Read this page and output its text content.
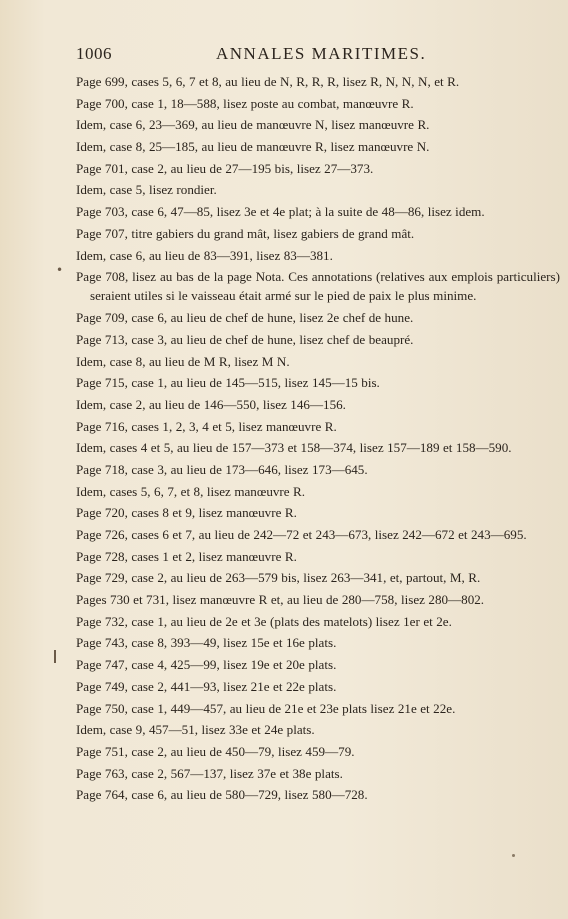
1006	ANNALES MARITIMES.
•

Page 699, cases 5, 6, 7 et 8, au lieu de N, R, R, R, lisez R, N, N, N, et R.

Page 700, case 1, 18—588, lisez poste au combat, manœuvre R.

Idem, case 6, 23—369, au lieu de manœuvre N, lisez manœuvre R.

Idem, case 8, 25—185, au lieu de manœuvre R, lisez manœuvre N.

Page 701, case 2, au lieu de 27—195 bis, lisez 27—373.

Idem, case 5, lisez rondier.

Page 703, case 6, 47—85, lisez 3e et 4e plat; à la suite de 48—86, lisez idem.

Page 707, titre gabiers du grand mât, lisez gabiers de grand mât.

Idem, case 6, au lieu de 83—391, lisez 83—381.

Page 708, lisez au bas de la page Nota. Ces annotations (relatives aux emplois particuliers) seraient utiles si le vaisseau était armé sur le pied de paix le plus minime.

Page 709, case 6, au lieu de chef de hune, lisez 2e chef de hune.

Page 713, case 3, au lieu de chef de hune, lisez chef de beaupré.

Idem, case 8, au lieu de M R, lisez M N.

Page 715, case 1, au lieu de 145—515, lisez 145—15 bis.

Idem, case 2, au lieu de 146—550, lisez 146—156.

Page 716, cases 1, 2, 3, 4 et 5, lisez manœuvre R.

Idem, cases 4 et 5, au lieu de 157—373 et 158—374, lisez 157—189 et 158—590.

Page 718, case 3, au lieu de 173—646, lisez 173—645.

Idem, cases 5, 6, 7, et 8, lisez manœuvre R.

Page 720, cases 8 et 9, lisez manœuvre R.

Page 726, cases 6 et 7, au lieu de 242—72 et 243—673, lisez 242—672 et 243—695.

Page 728, cases 1 et 2, lisez manœuvre R.

Page 729, case 2, au lieu de 263—579 bis, lisez 263—341, et, partout, M, R.

Pages 730 et 731, lisez manœuvre R et, au lieu de 280—758, lisez 280—802.

Page 732, case 1, au lieu de 2e et 3e (plats des matelots) lisez 1er et 2e.

Page 743, case 8, 393—49, lisez 15e et 16e plats.

Page 747, case 4, 425—99, lisez 19e et 20e plats.

Page 749, case 2, 441—93, lisez 21e et 22e plats.

Page 750, case 1, 449—457, au lieu de 21e et 23e plats lisez 21e et 22e.

Idem, case 9, 457—51, lisez 33e et 24e plats.

Page 751, case 2, au lieu de 450—79, lisez 459—79.

Page 763, case 2, 567—137, lisez 37e et 38e plats.

Page 764, case 6, au lieu de 580—729, lisez 580—728.
